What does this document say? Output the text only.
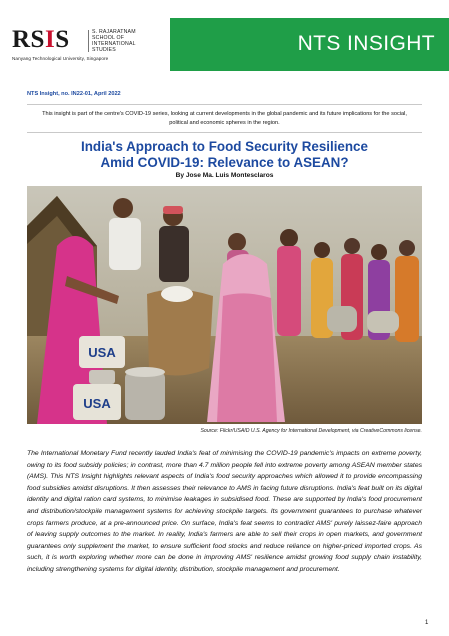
RSIS	S. RAJARATNAM SCHOOL OF INTERNATIONAL STUDIES
Nanyang Technological University, Singapore
NTS INSIGHT
NTS Insight, no. IN22-01, April 2022
This insight is part of the centre's COVID-19 series, looking at current developments in the global pandemic and its future implications for the social, political and economic spheres in the region.
India's Approach to Food Security Resilience
Amid COVID-19: Relevance to ASEAN?
By Jose Ma. Luis Montesclaros
USA
USA
Source: Flickr/USAID U.S. Agency for International Development, via CreativeCommons license.
The International Monetary Fund recently lauded India's feat of minimising the COVID-19 pandemic's impacts on extreme poverty, owing to its food subsidy policies; in contrast, more than 4.7 million people fell into extreme poverty among ASEAN member states (AMS). This NTS Insight highlights relevant aspects of India's food security approaches which allowed it to provide encompassing food subsidies amidst disruptions. It then assesses their relevance to AMS in facing future disruptions. India's feat built on its digital identity and digital ration card systems, to minimise leakages in subsidised food. These are supported by India's food procurement and distribution/stockpile management systems for achieving stockpile targets. Its government guarantees to purchase whatever crops farmers produce, at a pre-announced price. On surface, India's feat seems to contradict AMS' purely laissez-faire approach of leaving supply outcomes to the market. In reality, India's farmers are able to sell their crops in open markets, and government guarantees only supplement the market, to ensure sufficient food stocks and reduce reliance on higher-priced imported crops. As such, it is worth exploring whether more can be done in improving AMS' resilience amidst growing food supply chain instability, including strengthening systems for digital identity, distribution, stockpile management and procurement.
1
